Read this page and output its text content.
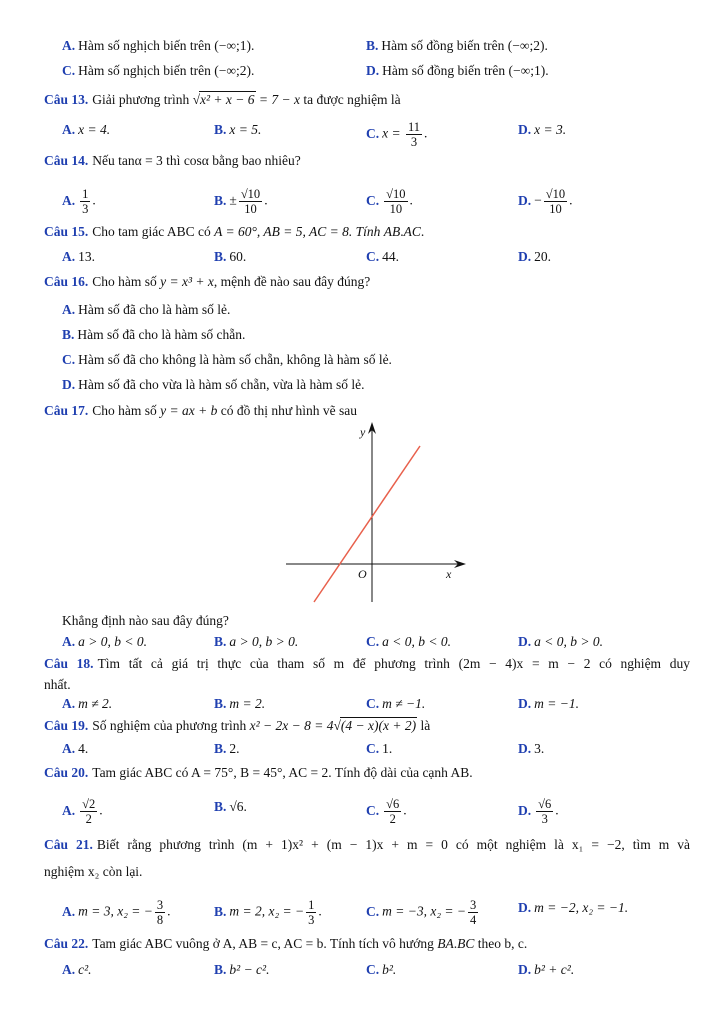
A. Hàm số nghịch biến trên (−∞;1).	B. Hàm số đồng biến trên (−∞;2).
C. Hàm số nghịch biến trên (−∞;2).	D. Hàm số đồng biến trên (−∞;1).
Câu 13. Giải phương trình √x² + x − 6 = 7 − x ta được nghiệm là
A. x = 4.	B. x = 5.	C. $x = \frac{11}{3}$ .	D. x = 3.
Câu 14. Nếu tanα = 3 thì cosα bằng bao nhiêu?
A. $\frac{1}{3}$ .	B. ± $\frac{√10}{10}$ .	C. $\frac{√10}{10}$ .	D. − $\frac{√10}{10}$ .
Câu 15. Cho tam giác ABC có A = 60°, AB = 5, AC = 8. Tính AB.AC.
A. 13.	B. 60.	C. 44.	D. 20.
Câu 16. Cho hàm số y = x³ + x, mệnh đề nào sau đây đúng?
A. Hàm số đã cho là hàm số lẻ.
B. Hàm số đã cho là hàm số chẵn.
C. Hàm số đã cho không là hàm số chẵn, không là hàm số lẻ.
D. Hàm số đã cho vừa là hàm số chẵn, vừa là hàm số lẻ.
Câu 17. Cho hàm số y = ax + b có đồ thị như hình vẽ sau
y
x
O
Khẳng định nào sau đây đúng?
A. a > 0, b < 0.	B. a > 0, b > 0.	C. a < 0, b < 0.	D. a < 0, b > 0.
Câu 18. Tìm tất cả giá trị thực của tham số m để phương trình (2m − 4)x = m − 2 có nghiệm duy
nhất.
A. m ≠ 2.	B. m = 2.	C. m ≠ −1.	D. m = −1.
Câu 19. Số nghiệm của phương trình x² − 2x − 8 = 4√(4 − x)(x + 2) là
A. 4.	B. 2.	C. 1.	D. 3.
Câu 20. Tam giác ABC có A = 75°, B = 45°, AC = 2. Tính độ dài của cạnh AB.
A. $\frac{√2}{2}$ .	B. √6.	C. $\frac{√6}{2}$ .	D. $\frac{√6}{3}$ .
Câu 21. Biết rằng phương trình (m + 1)x² + (m − 1)x + m = 0 có một nghiệm là x₁ = −2, tìm m và
nghiệm x₂ còn lại.
A. m = 3, x₂ = − $\frac{3}{8}$ .	B. m = 2, x₂ = − $\frac{1}{3}$ .	C. m = −3, x₂ = − $\frac{3}{4}$	D. m = −2, x₂ = −1.
Câu 22. Tam giác ABC vuông ở A, AB = c, AC = b. Tính tích vô hướng BA.BC theo b, c.
A. c².	B. b² − c².	C. b².	D. b² + c².
